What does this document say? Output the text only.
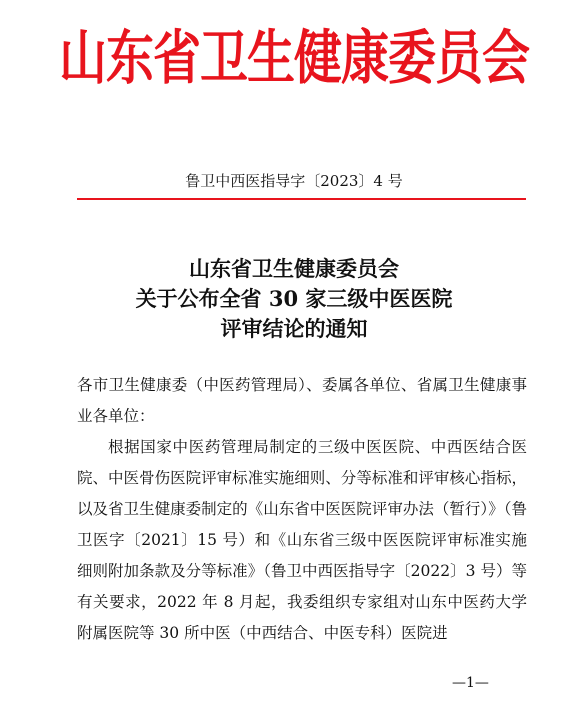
山东省卫生健康委员会
鲁卫中西医指导字〔2023〕4 号
山东省卫生健康委员会
关于公布全省 30 家三级中医医院
评审结论的通知

各市卫生健康委（中医药管理局）、委属各单位、省属卫生健康事业各单位：

根据国家中医药管理局制定的三级中医医院、中西医结合医院、中医骨伤医院评审标准实施细则、分等标准和评审核心指标，以及省卫生健康委制定的《山东省中医医院评审办法（暂行）》（鲁卫医字〔2021〕15 号）和《山东省三级中医医院评审标准实施细则附加条款及分等标准》（鲁卫中西医指导字〔2022〕3 号）等有关要求，2022 年 8 月起，我委组织专家组对山东中医药大学附属医院等 30 所中医（中西结合、中医专科）医院进

—1—
